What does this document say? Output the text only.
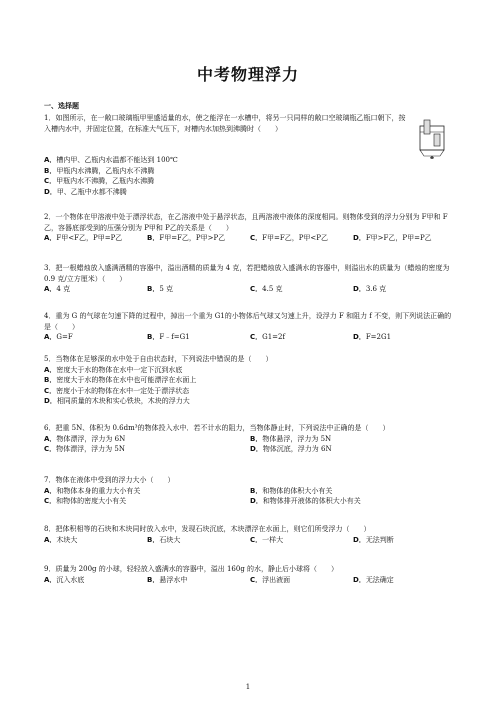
中考物理浮力
一、选择题
1．如图所示，在一敞口玻璃瓶甲里盛适量的水，使之能浮在一水槽中，将另一只同样的敞口空玻璃瓶乙瓶口朝下，按入槽内水中，并固定位置，在标准大气压下，对槽内水加热到沸腾时（　　）
A．槽内甲、乙瓶内水温都不能达到 100℃
B．甲瓶内水沸腾，乙瓶内水不沸腾
C．甲瓶内水不沸腾，乙瓶内水沸腾
D．甲、乙瓶中水都不沸腾
2．一个物体在甲溶液中处于漂浮状态，在乙溶液中处于悬浮状态，且两溶液中液体的深度相同。则物体受到的浮力分别为 F甲和 F乙，容器底部受到的压强分别为 P甲和 P乙的关系是（　　）
A．F甲<F乙，P甲=P乙	B．F甲=F乙，P甲>P乙	C．F甲=F乙，P甲<P乙	D．F甲>F乙，P甲=P乙
3．把一根蜡烛放入盛满酒精的容器中，溢出酒精的质量为 4 克，若把蜡烛放入盛满水的容器中，则溢出水的质量为（蜡烛的密度为 0.9 克/立方厘米）（　　）
A．4 克	B．5 克	C．4.5 克	D．3.6 克
4．重为 G 的气球在匀速下降的过程中，掉出一个重为 G1的小物体后气球又匀速上升，设浮力 F 和阻力 f 不变，则下列说法正确的是（　　）
A．G=F	B．F﹣f=G1	C．G1=2f	D．F=2G1
5．当物体在足够深的水中处于自由状态时，下列说法中错误的是（　　）
A．密度大于水的物体在水中一定下沉到水底
B．密度大于水的物体在水中也可能漂浮在水面上
C．密度小于水的物体在水中一定处于漂浮状态
D．相同质量的木块和实心铁块，木块的浮力大
6．把重 5N、体积为 0.6dm³的物体投入水中．若不计水的阻力，当物体静止时，下列说法中正确的是（　　）
A．物体漂浮，浮力为 6N	B．物体悬浮，浮力为 5N
C．物体漂浮，浮力为 5N	D．物体沉底，浮力为 6N
7．物体在液体中受到的浮力大小（　　）
A．和物体本身的重力大小有关	B．和物体的体积大小有关
C．和物体的密度大小有关	D．和物体排开液体的体积大小有关
8．把体积相等的石块和木块同时放入水中，发现石块沉底，木块漂浮在水面上，则它们所受浮力（　　）
A．木块大	B．石块大	C．一样大	D．无法判断
9．质量为 200g 的小球，轻轻放入盛满水的容器中，溢出 160g 的水，静止后小球将（　　）
A．沉入水底	B．悬浮水中	C．浮出液面	D．无法确定
1
